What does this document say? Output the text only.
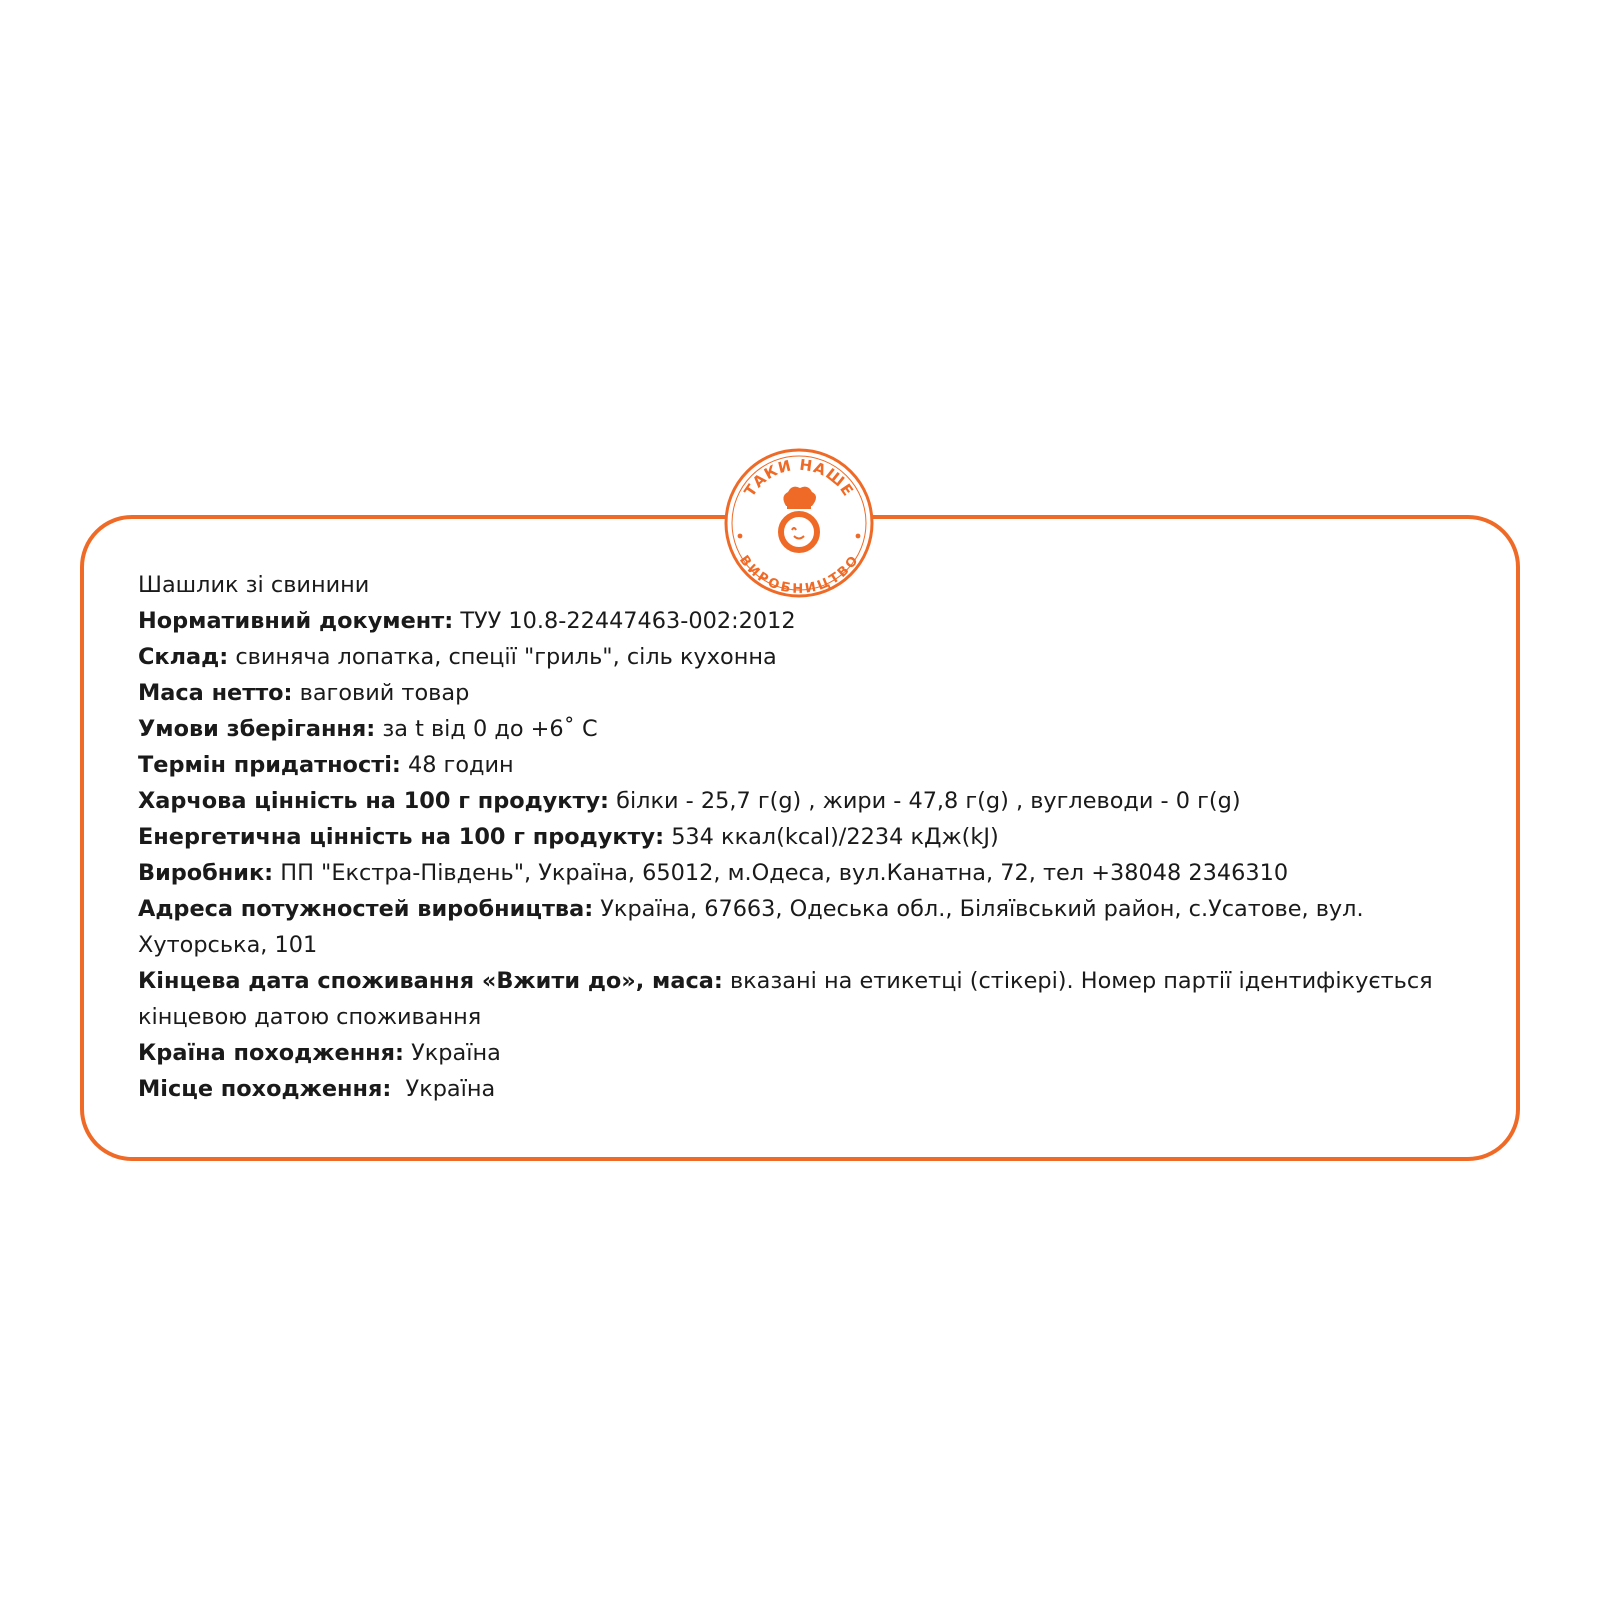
Шашлик зі свинини

Нормативний документ: ТУУ 10.8-22447463-002:2012

Склад: свиняча лопатка, спеції "гриль", сіль кухонна

Маса нетто: ваговий товар

Умови зберігання: за t від 0 до +6˚ С

Термін придатності: 48 годин

Харчова цінність на 100 г продукту: білки - 25,7 г(g) , жири - 47,8 г(g) , вуглеводи - 0 г(g)

Енергетична цінність на 100 г продукту: 534 ккал(kcal)/2234 кДж(kJ)

Виробник: ПП "Екстра-Південь", Україна, 65012, м.Одеса, вул.Канатна, 72, тел +38048 2346310

Адреса потужностей виробництва: Україна, 67663, Одеська обл., Біляївський район, с.Усатове, вул. Хуторська, 101

Кінцева дата споживання «Вжити до», маса: вказані на етикетці (стікері). Номер партії ідентифікується кінцевою датою споживання

Країна походження: Україна

Місце походження:  Україна

ТАКИ НАШЕ
ВИРОБНИЦТВО
